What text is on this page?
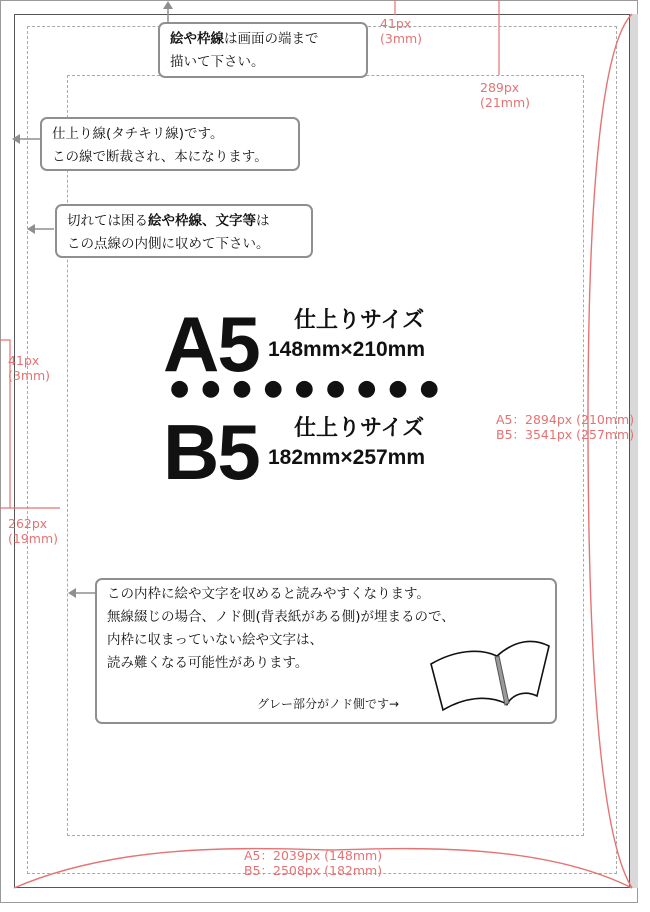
41px
(3mm)
289px
(21mm)
41px
(3mm)
262px
(19mm)
A5：2894px (210mm)
B5：3541px (257mm)
A5：2039px (148mm)
B5：2508px (182mm)
絵や枠線は画面の端まで
描いて下さい。
仕上り線(タチキリ線)です。
この線で断裁され、本になります。
切れては困る絵や枠線、文字等は
この点線の内側に収めて下さい。
A5 仕上りサイズ
148mm×210mm
●●●●●●●●●
B5 仕上りサイズ
182mm×257mm
この内枠に絵や文字を収めると読みやすくなります。
無線綴じの場合、ノド側(背表紙がある側)が埋まるので、
内枠に収まっていない絵や文字は、
読み難くなる可能性があります。
グレー部分がノド側です→
